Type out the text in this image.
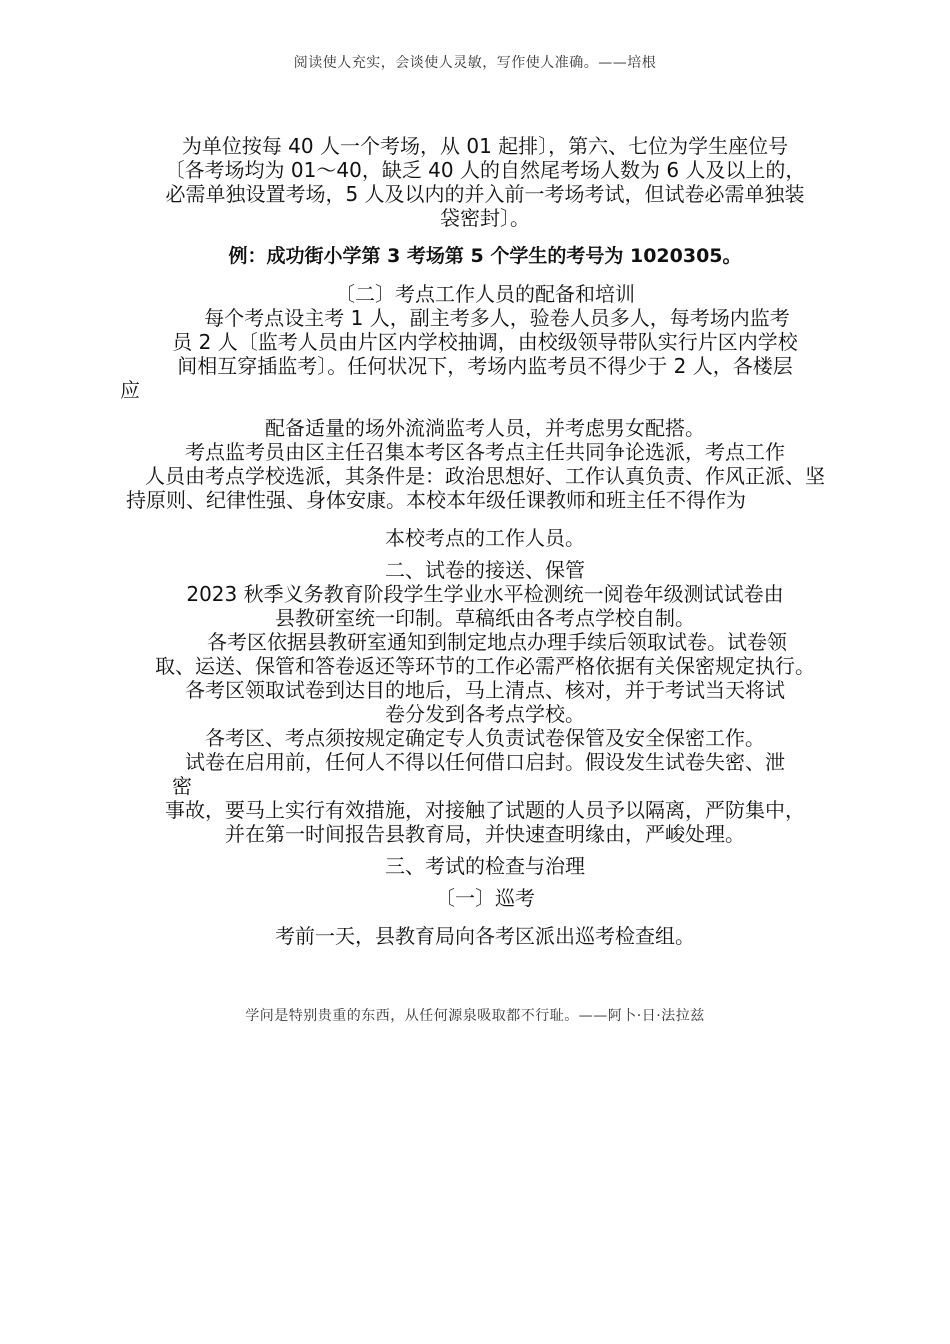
阅读使人充实，会谈使人灵敏，写作使人准确。——培根

为单位按每 40 人一个考场，从 01 起排〕，第六、七位为学生座位号

〔各考场均为 01～40，缺乏 40 人的自然尾考场人数为 6 人及以上的，

必需单独设置考场，5 人及以内的并入前一考场考试，但试卷必需单独装

袋密封〕。

例：成功街小学第 3 考场第 5 个学生的考号为 1020305。

〔二〕考点工作人员的配备和培训

每个考点设主考 1 人，副主考多人，验卷人员多人，每考场内监考

员 2 人〔监考人员由片区内学校抽调，由校级领导带队实行片区内学校

间相互穿插监考〕。任何状况下，考场内监考员不得少于 2 人，各楼层

应

配备适量的场外流淌监考人员，并考虑男女配搭。

考点监考员由区主任召集本考区各考点主任共同争论选派，考点工作

人员由考点学校选派，其条件是：政治思想好、工作认真负责、作风正派、坚

持原则、纪律性强、身体安康。本校本年级任课教师和班主任不得作为

本校考点的工作人员。

二、试卷的接送、保管

2023 秋季义务教育阶段学生学业水平检测统一阅卷年级测试试卷由

县教研室统一印制。草稿纸由各考点学校自制。

各考区依据县教研室通知到制定地点办理手续后领取试卷。试卷领

取、运送、保管和答卷返还等环节的工作必需严格依据有关保密规定执行。

各考区领取试卷到达目的地后，马上清点、核对，并于考试当天将试

卷分发到各考点学校。

各考区、考点须按规定确定专人负责试卷保管及安全保密工作。

试卷在启用前，任何人不得以任何借口启封。假设发生试卷失密、泄

密

事故，要马上实行有效措施，对接触了试题的人员予以隔离，严防集中，

并在第一时间报告县教育局，并快速查明缘由，严峻处理。

三、考试的检查与治理

〔一〕巡考

考前一天，县教育局向各考区派出巡考检查组。

学问是特别贵重的东西，从任何源泉吸取都不行耻。——阿卜·日·法拉兹
